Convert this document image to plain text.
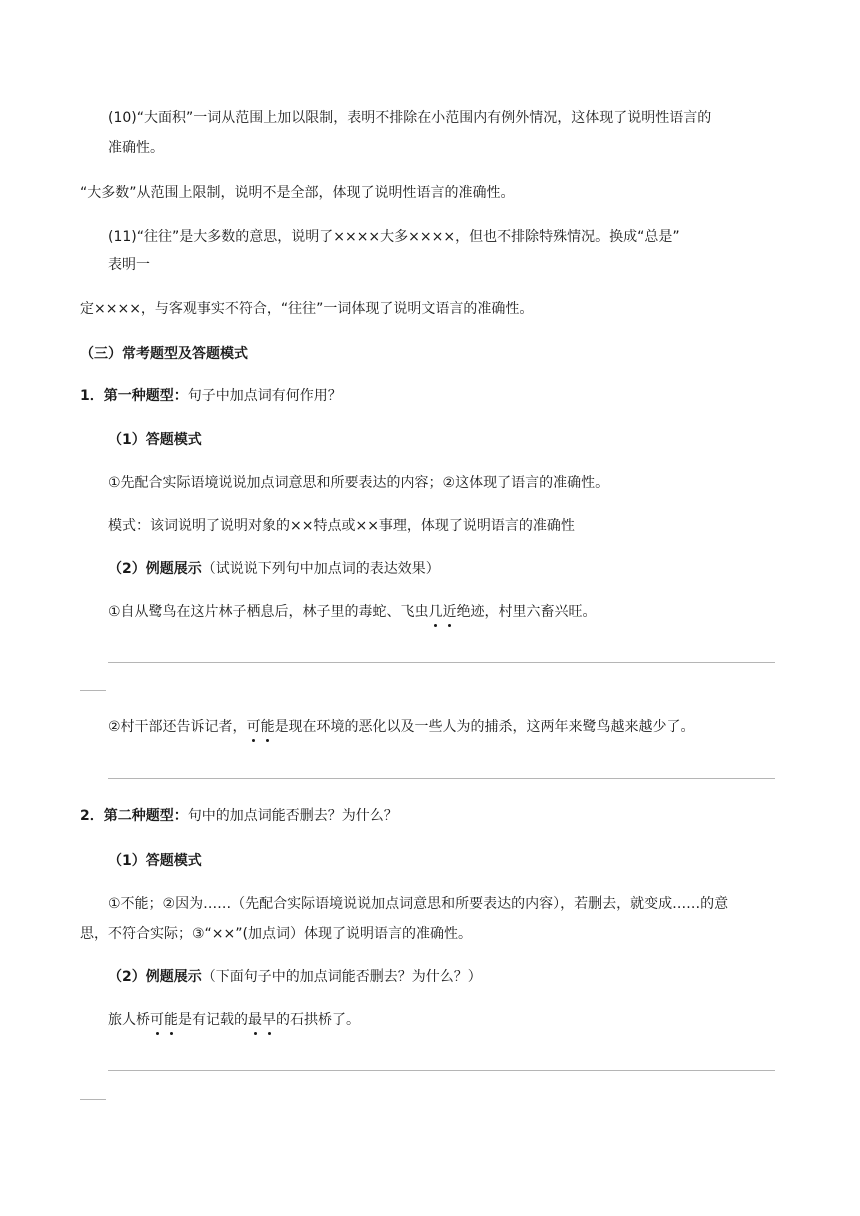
(10)“大面积”一词从范围上加以限制，表明不排除在小范围内有例外情况，这体现了说明性语言的
准确性。
“大多数”从范围上限制，说明不是全部，体现了说明性语言的准确性。
(11)“往往”是大多数的意思，说明了××××大多××××，但也不排除特殊情况。换成“总是”
表明一
定××××，与客观事实不符合，“往往”一词体现了说明文语言的准确性。
（三）常考题型及答题模式
1．第一种题型：句子中加点词有何作用？
（1）答题模式
①先配合实际语境说说加点词意思和所要表达的内容；②这体现了语言的准确性。
模式：该词说明了说明对象的××特点或××事理，体现了说明语言的准确性
（2）例题展示（试说说下列句中加点词的表达效果）
①自从鹭鸟在这片林子栖息后，林子里的毒蛇、飞虫几近绝迹，村里六畜兴旺。
②村干部还告诉记者，可能是现在环境的恶化以及一些人为的捕杀，这两年来鹭鸟越来越少了。
2．第二种题型：句中的加点词能否删去？为什么？
（1）答题模式
①不能；②因为……（先配合实际语境说说加点词意思和所要表达的内容），若删去，就变成……的意
思，不符合实际；③“××”(加点词）体现了说明语言的准确性。
（2）例题展示（下面句子中的加点词能否删去？为什么？）
旅人桥可能是有记载的最早的石拱桥了。
